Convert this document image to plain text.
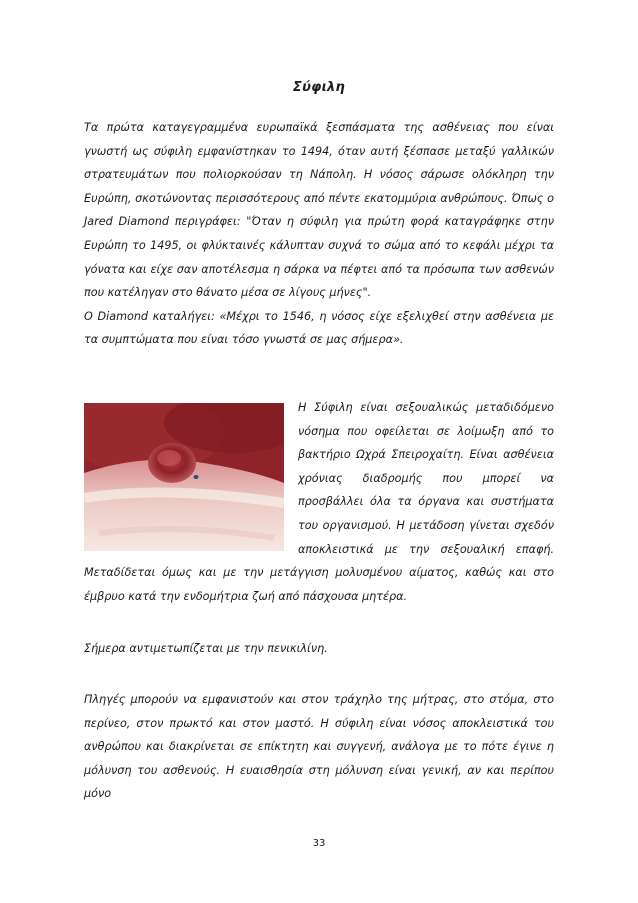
Σύφιλη

Τα πρώτα καταγεγραμμένα ευρωπαϊκά ξεσπάσματα της ασθένειας που είναι γνωστή ως σύφιλη εμφανίστηκαν το 1494, όταν αυτή ξέσπασε μεταξύ γαλλικών στρατευμάτων που πολιορκούσαν τη Νάπολη. Η νόσος σάρωσε ολόκληρη την Ευρώπη, σκοτώνοντας περισσότερους από πέντε εκατομμύρια ανθρώπους. Όπως ο Jared Diamond περιγράφει: "Όταν η σύφιλη για πρώτη φορά καταγράφηκε στην Ευρώπη το 1495, οι φλύκταινές κάλυπταν συχνά το σώμα από το κεφάλι μέχρι τα γόνατα και είχε σαν αποτέλεσμα η σάρκα να πέφτει από τα πρόσωπα των ασθενών που κατέληγαν στο θάνατο μέσα σε λίγους μήνες".
Ο Diamond καταλήγει: «Μέχρι το 1546, η νόσος είχε εξελιχθεί στην ασθένεια με τα συμπτώματα που είναι τόσο γνωστά σε μας σήμερα».

Η Σύφιλη είναι σεξουαλικώς μεταδιδόμενο νόσημα που οφείλεται σε λοίμωξη από το βακτήριο Ωχρά Σπειροχαίτη. Είναι ασθένεια χρόνιας διαδρομής που μπορεί να προσβάλλει όλα τα όργανα και συστήματα του οργανισμού. Η μετάδοση γίνεται σχεδόν αποκλειστικά με την σεξουαλική επαφή. Μεταδίδεται όμως και με την μετάγγιση μολυσμένου αίματος, καθώς και στο έμβρυο κατά την ενδομήτρια ζωή από πάσχουσα μητέρα.

Σήμερα αντιμετωπίζεται με την πενικιλίνη.

Πληγές μπορούν να εμφανιστούν και στον τράχηλο της μήτρας, στο στόμα, στο περίνεο, στον πρωκτό και στον μαστό. Η σύφιλη είναι νόσος αποκλειστικά του ανθρώπου και διακρίνεται σε επίκτητη και συγγενή, ανάλογα με το πότε έγινε η μόλυνση του ασθενούς. Η ευαισθησία στη μόλυνση είναι γενική, αν και περίπου μόνο

33
